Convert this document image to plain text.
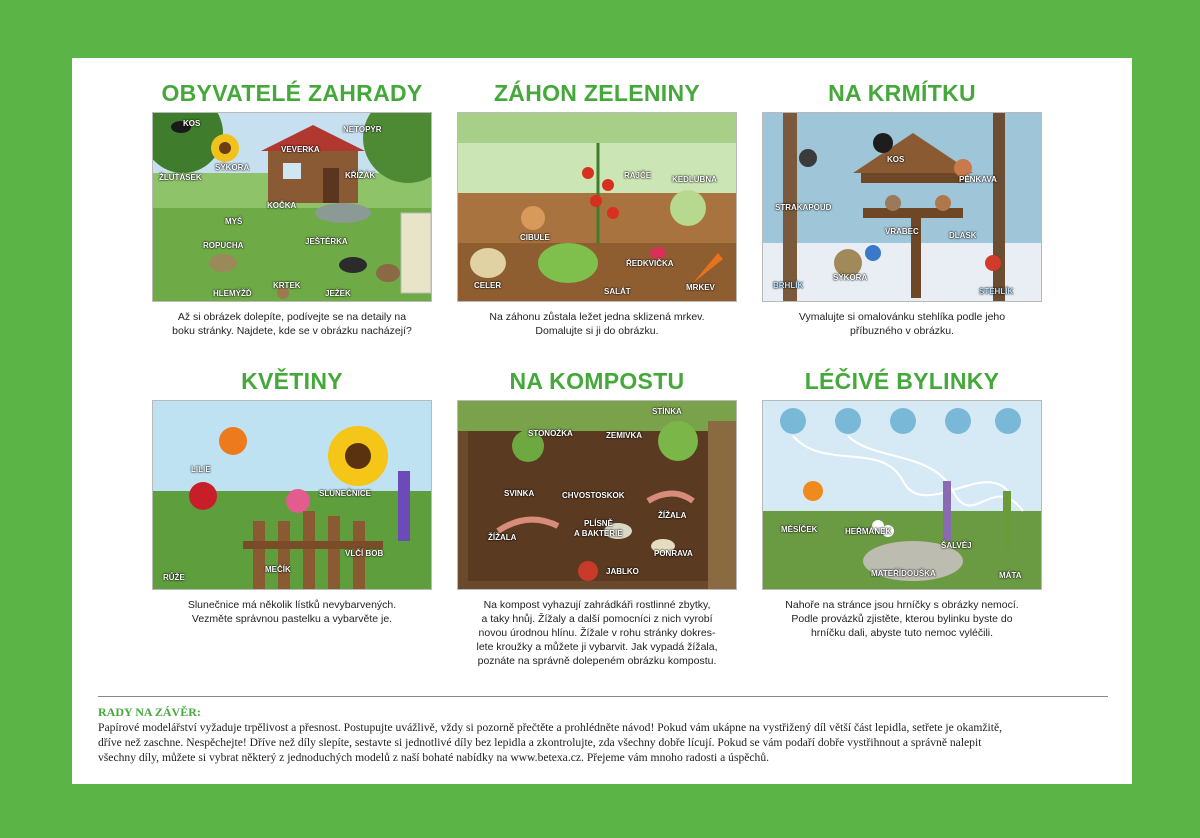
OBYVATELÉ ZAHRADY
KOS
NETOPÝR
VEVERKA
SÝKORA
ŽLUŤÁSEK	KŘIŽÁK
KOČKA
MYŠ
JEŠTĚRKA
ROPUCHA
KRTEK
HLEMÝŽĎ	JEŽEK
Až si obrázek dolepíte, podívejte se na detaily na
boku stránky. Najdete, kde se v obrázku nacházejí?
ZÁHON ZELENINY
RAJČE	KEDLUBNA
CIBULE
ŘEDKVIČKA
CELER
SALÁT	MRKEV
Na záhonu zůstala ležet jedna sklizená mrkev.
Domalujte si ji do obrázku.
NA KRMÍTKU
KOS
PĚNKAVA
STRAKAPOUD
VRABEC	DLASK
SÝKORA
BRHLÍK
STEHLÍK
Vymalujte si omalovánku stehlíka podle jeho
příbuzného v obrázku.
KVĚTINY
LILIE
SLUNEČNICE
VLČÍ BOB
MEČÍK
RŮŽE
Slunečnice má několik lístků nevybarvených.
Vezměte správnou pastelku a vybarvěte je.
NA KOMPOSTU
STÍNKA
STONOŽKA	ZEMIVKA
SVINKA	CHVOSTOSKOK
ŽÍŽALA
PLÍSNĚ
A BAKTERIE
ŽÍŽALA
PONRAVA
JABLKO
Na kompost vyhazují zahrádkáři rostlinné zbytky,
a taky hnůj. Žížaly a další pomocníci z nich vyrobí
novou úrodnou hlínu. Žížale v rohu stránky dokres-
lete kroužky a můžete ji vybarvit. Jak vypadá žížala,
poznáte na správně dolepeném obrázku kompostu.
LÉČIVÉ BYLINKY
MĚSÍČEK	HEŘMÁNEK
ŠALVĚJ
MATEŘÍDOUŠKA	MÁTA
Nahoře na stránce jsou hrníčky s obrázky nemocí.
Podle provázků zjistěte, kterou bylinku byste do
hrníčku dali, abyste tuto nemoc vyléčili.
RADY NA ZÁVĚR:

Papírové modelářství vyžaduje trpělivost a přesnost. Postupujte uvážlivě, vždy si pozorně přečtěte a prohlédněte návod! Pokud vám ukápne na vystřižený díl větší část lepidla, setřete je okamžitě,

dříve než zaschne. Nespěchejte! Dříve než díly slepíte, sestavte si jednotlivé díly bez lepidla a zkontrolujte, zda všechny dobře lícují. Pokud se vám podaří dobře vystřihnout a správně nalepit

všechny díly, můžete si vybrat některý z jednoduchých modelů z naší bohaté nabídky na www.betexa.cz. Přejeme vám mnoho radosti a úspěchů.
